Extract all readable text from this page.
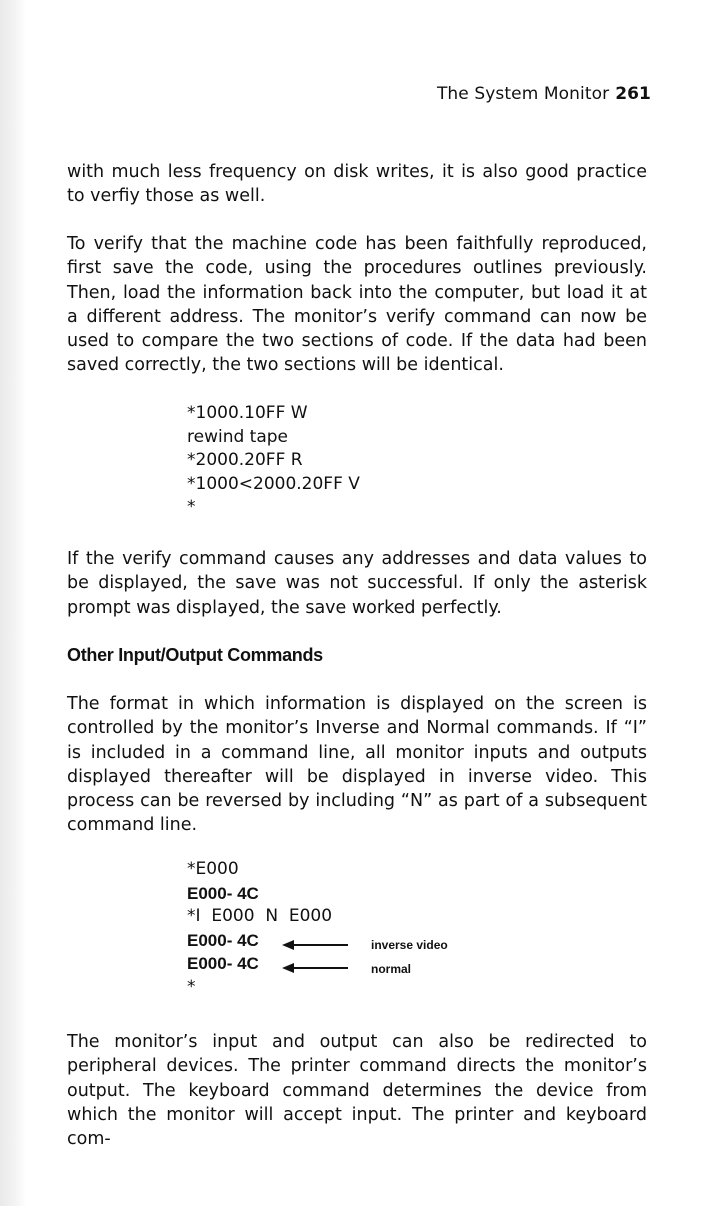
The System Monitor 261

with much less frequency on disk writes, it is also good practice to verfiy those as well.

To verify that the machine code has been faithfully reproduced, first save the code, using the procedures outlines previously. Then, load the information back into the computer, but load it at a different address. The monitor’s verify command can now be used to compare the two sections of code. If the data had been saved correctly, the two sections will be identical.

*1000.10FF W
rewind tape
*2000.20FF R
*1000<2000.20FF V
*

If the verify command causes any addresses and data values to be displayed, the save was not successful. If only the asterisk prompt was displayed, the save worked perfectly.

Other Input/Output Commands

The format in which information is displayed on the screen is controlled by the monitor’s Inverse and Normal commands. If “I” is included in a command line, all monitor inputs and outputs displayed thereafter will be displayed in inverse video. This process can be reversed by including “N” as part of a subsequent command line.

*E000
E000- 4C
*I  E000  N  E000
E000- 4C
E000- 4C
*
inverse video
normal

The monitor’s input and output can also be redirected to peripheral devices. The printer command directs the monitor’s output. The keyboard command determines the device from which the monitor will accept input. The printer and keyboard com-
